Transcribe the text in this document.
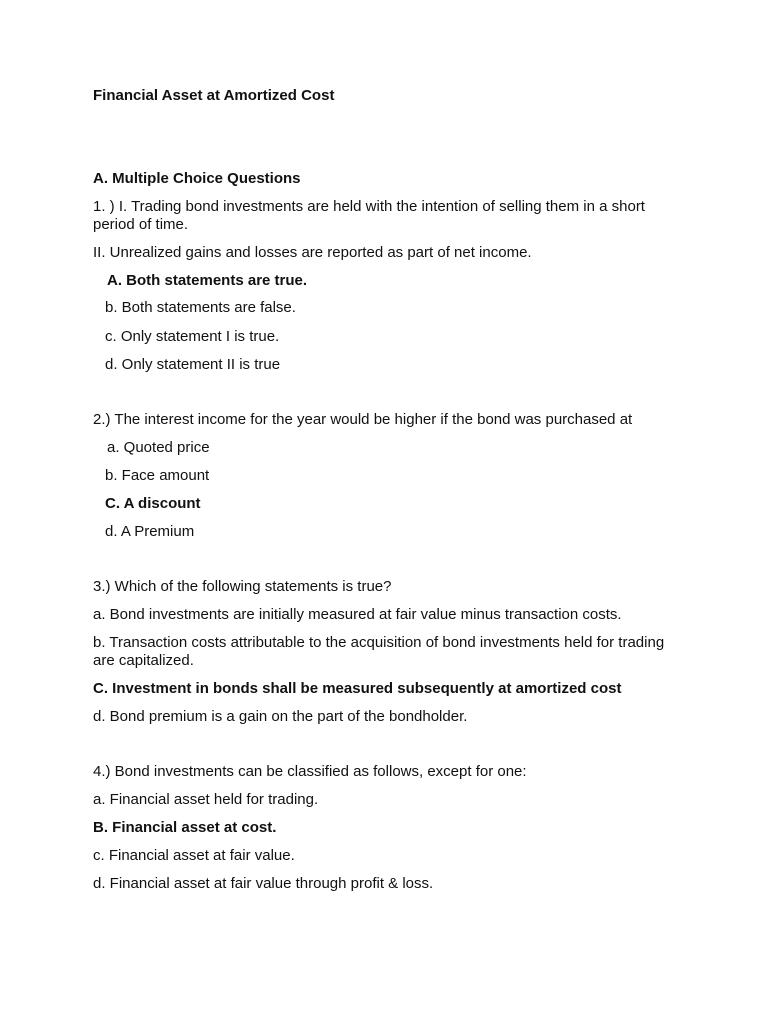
Financial Asset at Amortized Cost
A. Multiple Choice Questions
1. ) I. Trading bond investments are held with the intention of selling them in a short period of time.
II. Unrealized gains and losses are reported as part of net income.
A. Both statements are true.
b. Both statements are false.
c. Only statement I is true.
d. Only statement II is true
2.) The interest income for the year would be higher if the bond was purchased at
a. Quoted price
b. Face amount
C. A discount
d. A Premium
3.) Which of the following statements is true?
a. Bond investments are initially measured at fair value minus transaction costs.
b. Transaction costs attributable to the acquisition of bond investments held for trading are capitalized.
C. Investment in bonds shall be measured subsequently at amortized cost
d. Bond premium is a gain on the part of the bondholder.
4.) Bond investments can be classified as follows, except for one:
a. Financial asset held for trading.
B. Financial asset at cost.
c. Financial asset at fair value.
d. Financial asset at fair value through profit & loss.
